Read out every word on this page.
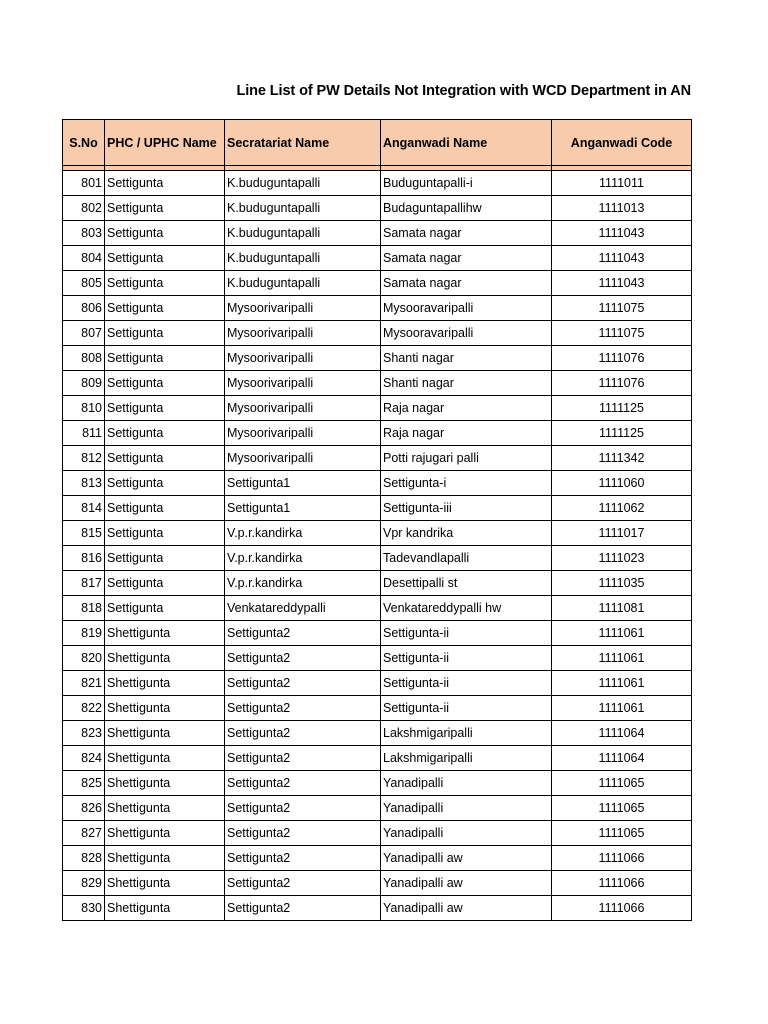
Line List of PW Details Not Integration with WCD Department in AN
S.No	PHC / UPHC Name	Secratariat Name	Anganwadi Name	Anganwadi Code

801	Settigunta	K.buduguntapalli	Buduguntapalli-i	1111011
802	Settigunta	K.buduguntapalli	Budaguntapallihw	1111013
803	Settigunta	K.buduguntapalli	Samata nagar	1111043
804	Settigunta	K.buduguntapalli	Samata nagar	1111043
805	Settigunta	K.buduguntapalli	Samata nagar	1111043
806	Settigunta	Mysoorivaripalli	Mysooravaripalli	1111075
807	Settigunta	Mysoorivaripalli	Mysooravaripalli	1111075
808	Settigunta	Mysoorivaripalli	Shanti nagar	1111076
809	Settigunta	Mysoorivaripalli	Shanti nagar	1111076
810	Settigunta	Mysoorivaripalli	Raja nagar	1111125
811	Settigunta	Mysoorivaripalli	Raja nagar	1111125
812	Settigunta	Mysoorivaripalli	Potti rajugari palli	1111342
813	Settigunta	Settigunta1	Settigunta-i	1111060
814	Settigunta	Settigunta1	Settigunta-iii	1111062
815	Settigunta	V.p.r.kandirka	Vpr kandrika	1111017
816	Settigunta	V.p.r.kandirka	Tadevandlapalli	1111023
817	Settigunta	V.p.r.kandirka	Desettipalli st	1111035
818	Settigunta	Venkatareddypalli	Venkatareddypalli hw	1111081
819	Shettigunta	Settigunta2	Settigunta-ii	1111061
820	Shettigunta	Settigunta2	Settigunta-ii	1111061
821	Shettigunta	Settigunta2	Settigunta-ii	1111061
822	Shettigunta	Settigunta2	Settigunta-ii	1111061
823	Shettigunta	Settigunta2	Lakshmigaripalli	1111064
824	Shettigunta	Settigunta2	Lakshmigaripalli	1111064
825	Shettigunta	Settigunta2	Yanadipalli	1111065
826	Shettigunta	Settigunta2	Yanadipalli	1111065
827	Shettigunta	Settigunta2	Yanadipalli	1111065
828	Shettigunta	Settigunta2	Yanadipalli aw	1111066
829	Shettigunta	Settigunta2	Yanadipalli aw	1111066
830	Shettigunta	Settigunta2	Yanadipalli aw	1111066
